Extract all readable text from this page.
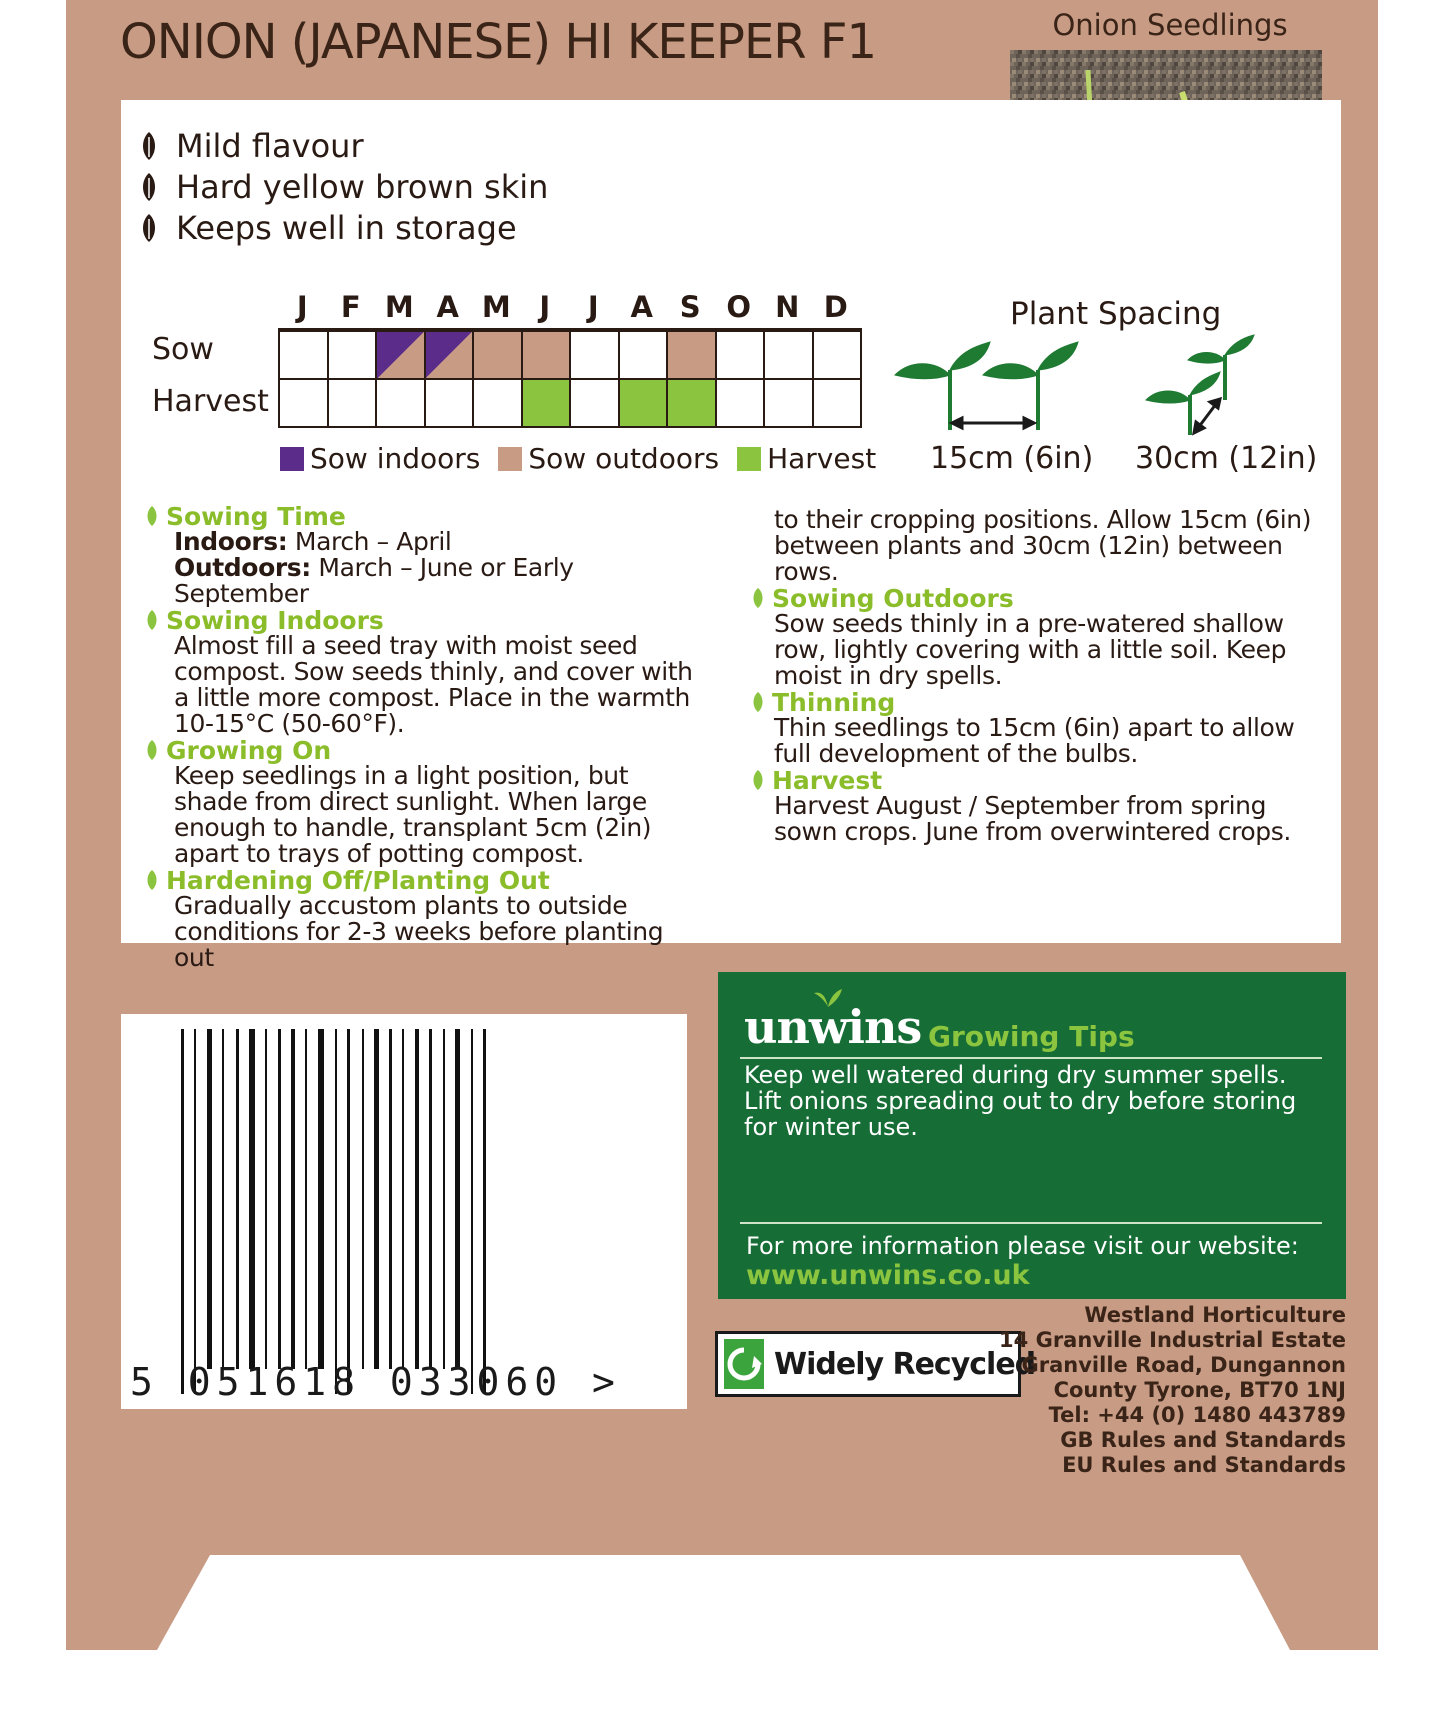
ONION (JAPANESE) HI KEEPER F1	Onion Seedlings
Mild flavour
Hard yellow brown skin
Keeps well in storage
J	F M A M J	J	A S O N D
Sow
Harvest
Sow indoors Sow outdoors Harvest
Plant Spacing
15cm (6in) 30cm (12in)
Sowing Time
Indoors: March – April
Outdoors: March – June or Early September
Sowing Indoors
Almost fill a seed tray with moist seed compost. Sow seeds thinly, and cover with a little more compost. Place in the warmth 10-15°C (50-60°F).
Growing On
Keep seedlings in a light position, but shade from direct sunlight. When large enough to handle, transplant 5cm (2in) apart to trays of potting compost.
Hardening Off/Planting Out
Gradually accustom plants to outside conditions for 2-3 weeks before planting out
to their cropping positions. Allow 15cm (6in) between plants and 30cm (12in) between rows.
Sowing Outdoors
Sow seeds thinly in a pre-watered shallow row, lightly covering with a little soil. Keep moist in dry spells.
Thinning
Thin seedlings to 15cm (6in) apart to allow full development of the bulbs.
Harvest
Harvest August / September from spring sown crops. June from overwintered crops.
5 051618 033060 >
unwins Growing Tips
Keep well watered during dry summer spells. Lift onions spreading out to dry before storing for winter use.
For more information please visit our website:
www.unwins.co.uk
Widely Recycled
Westland Horticulture
14 Granville Industrial Estate
Granville Road, Dungannon
County Tyrone, BT70 1NJ
Tel: +44 (0) 1480 443789
GB Rules and Standards
EU Rules and Standards
